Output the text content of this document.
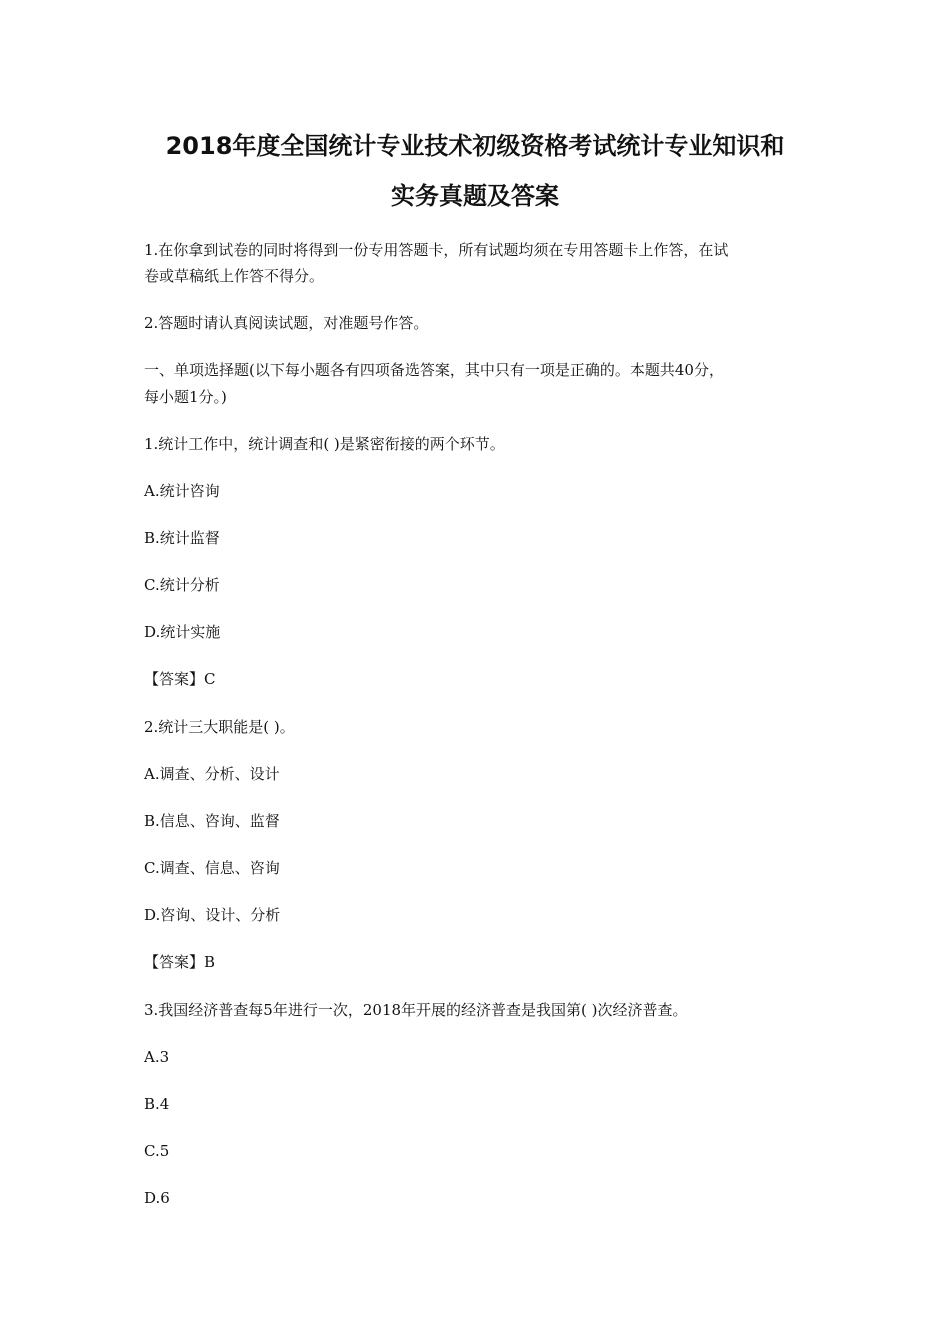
2018年度全国统计专业技术初级资格考试统计专业知识和
实务真题及答案

1.在你拿到试卷的同时将得到一份专用答题卡，所有试题均须在专用答题卡上作答，在试

卷或草稿纸上作答不得分。

2.答题时请认真阅读试题，对准题号作答。

一、单项选择题(以下每小题各有四项备选答案，其中只有一项是正确的。本题共40分，

每小题1分。)

1.统计工作中，统计调查和( )是紧密衔接的两个环节。

A.统计咨询

B.统计监督

C.统计分析

D.统计实施

【答案】C

2.统计三大职能是( )。

A.调查、分析、设计

B.信息、咨询、监督

C.调查、信息、咨询

D.咨询、设计、分析

【答案】B

3.我国经济普查每5年进行一次，2018年开展的经济普查是我国第( )次经济普查。

A.3

B.4

C.5

D.6
